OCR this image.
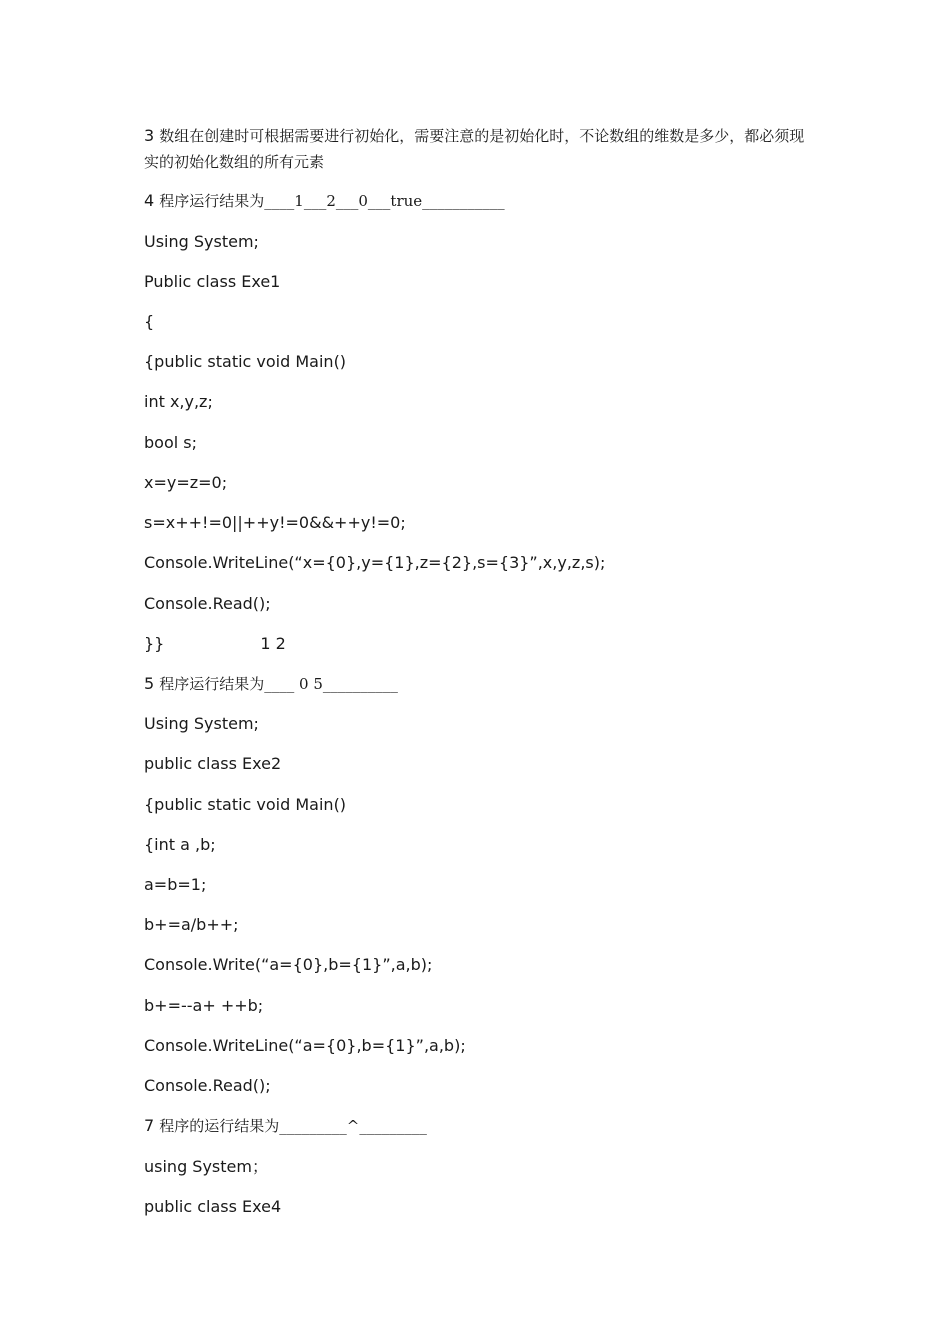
3 数组在创建时可根据需要进行初始化，需要注意的是初始化时，不论数组的维数是多少，都必须现实的初始化数组的所有元素

4 程序运行结果为____1___2___0___true___________

Using System;

Public class Exe1

{

{public static void Main()

int x,y,z;

bool s;

x=y=z=0;

s=x++!=0||++y!=0&&++y!=0;

Console.WriteLine(“x={0},y={1},z={2},s={3}”,x,y,z,s);

Console.Read();

}}	1 2

5 程序运行结果为____ 0 5__________

Using System;

public class Exe2

{public static void Main()

{int a ,b;

a=b=1;

b+=a/b++;

Console.Write(“a={0},b={1}”,a,b);

b+=--a+ ++b;

Console.WriteLine(“a={0},b={1}”,a,b);

Console.Read();

7 程序的运行结果为_________^_________

using System；

public class Exe4
